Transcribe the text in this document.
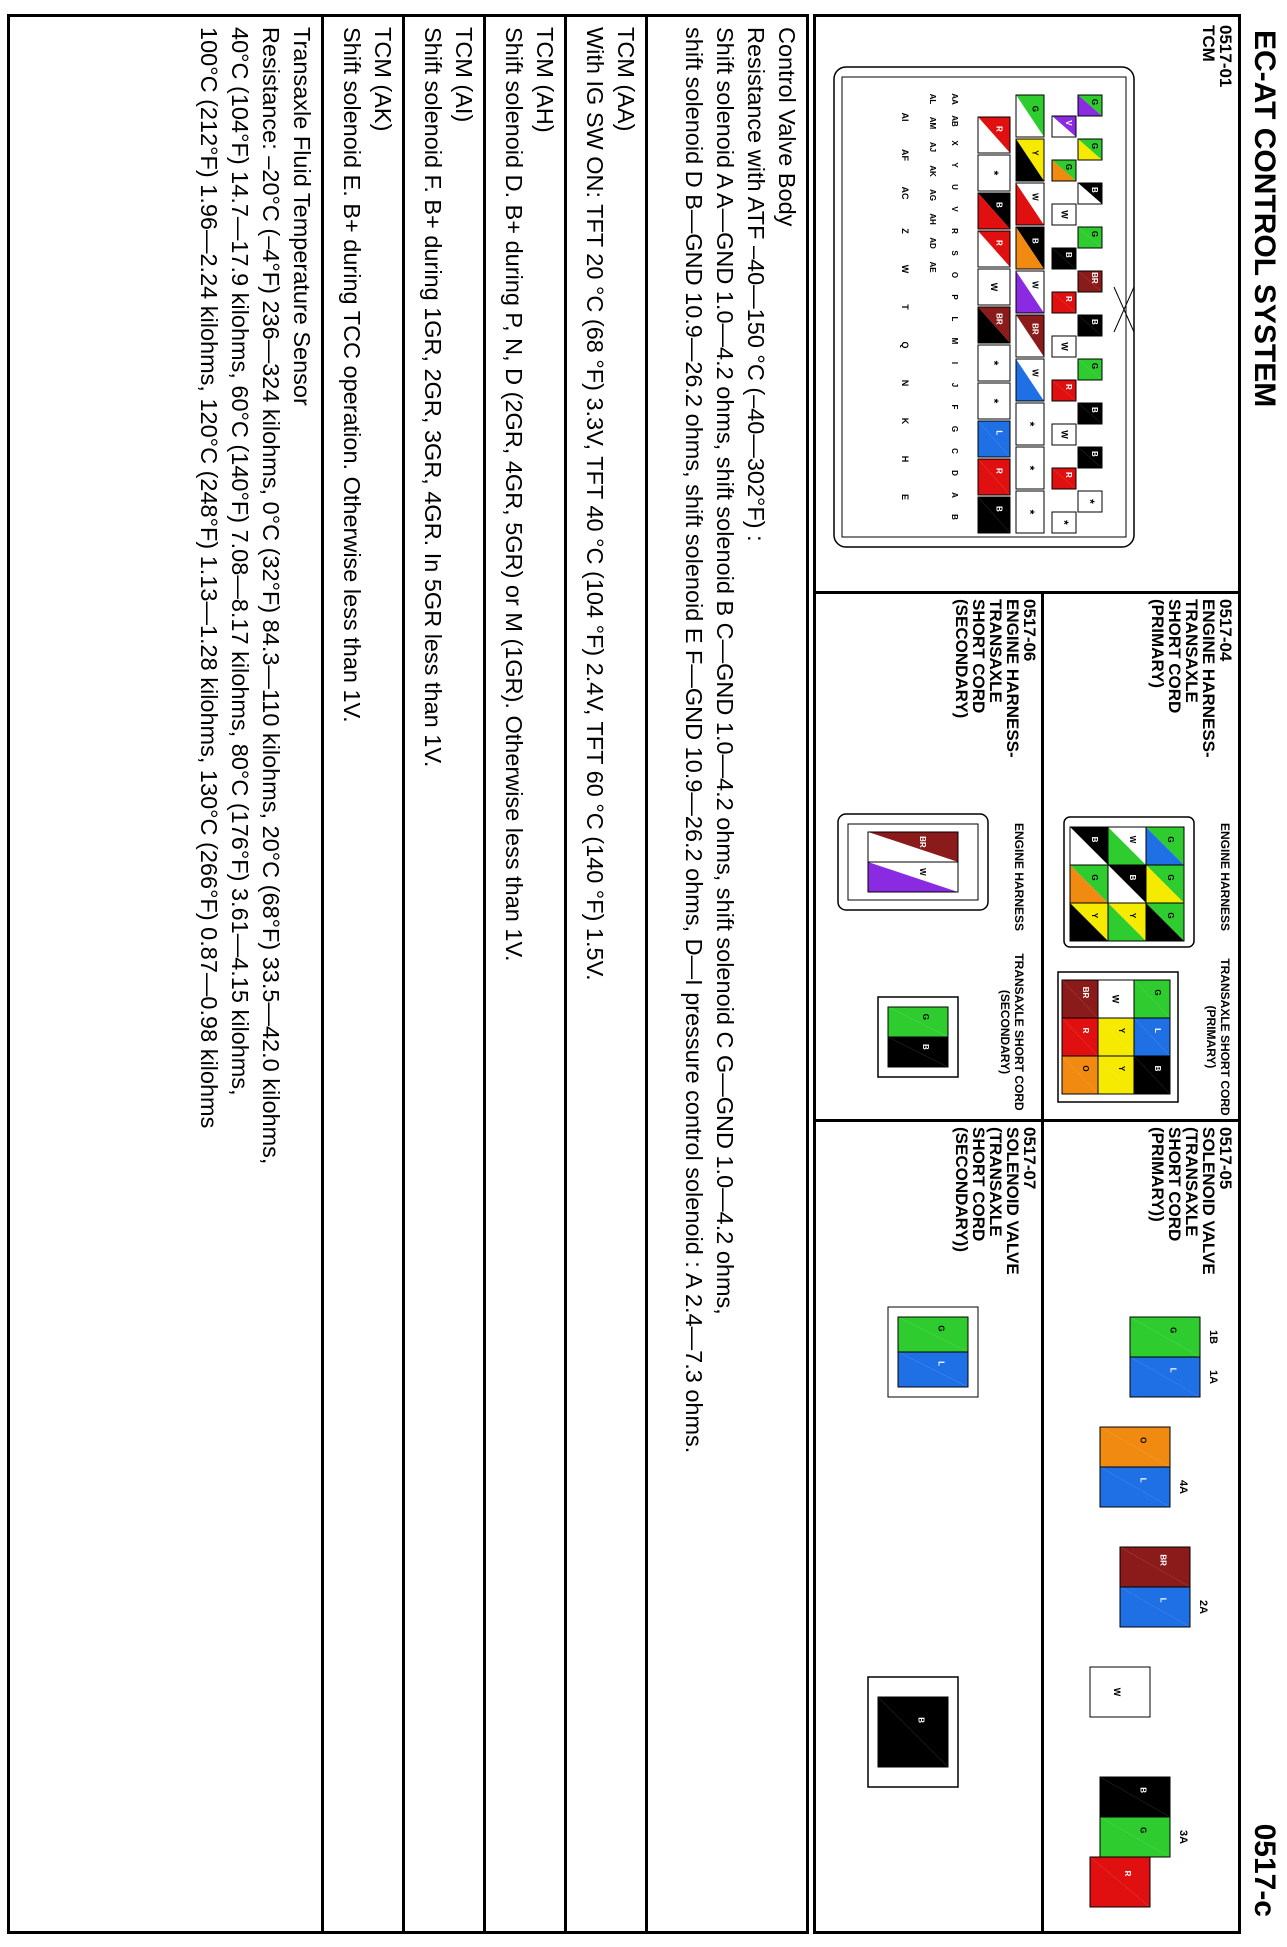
EC-AT CONTROL SYSTEM
0517-c
0517-01
TCM
0517-04
ENGINE HARNESS-
TRANSAXLE
SHORT CORD
(PRIMARY)
0517-06
ENGINE HARNESS-
TRANSAXLE
SHORT CORD
(SECONDARY)
0517-05
SOLENOID VALVE
(TRANSAXLE
SHORT CORD
(PRIMARY))
0517-07
SOLENOID VALVE
(TRANSAXLE
SHORT CORD
(SECONDARY))
G
V
G
G
B
W
G
B
BR
R
B
W
G
R
B
W
B
R
*
*
G
Y
W
B
W
BR
W
*
*
*
R
*
B
R
W
BR
*
*
L
R
B
AA
AB
X
Y
U
V
R
S
O
P
L
M
I
J
F
G
C
D
A
B
AL
AM
AJ
AK
AG
AH
AD
AE
AI
AF
AC
Z
W
T
Q
N
K
H
E
ENGINE HARNESS
G
G
G
W
B
Y
B
G
Y
TRANSAXLE SHORT CORD
(PRIMARY)
G
L
B
W
Y
Y
BR
R
O
ENGINE HARNESS
BR
W
TRANSAXLE SHORT CORD
(SECONDARY)
G
B
G
L
1B
1A
O
L	4A
BR
L	2A
W
B
G	3A
R
G
L
B
Control Valve Body
Resistance with ATF –40—150 °C (–40—302°F) :
Shift solenoid A A—GND 1.0—4.2 ohms, shift solenoid B C—GND 1.0—4.2 ohms, shift solenoid C G—GND 1.0—4.2 ohms,
shift solenoid D B—GND 10.9—26.2 ohms, shift solenoid E F—GND 10.9—26.2 ohms, D—I pressure control solenoid : A 2.4—7.3 ohms.
TCM (AA)
With IG SW ON: TFT 20 °C (68 °F) 3.3V, TFT 40 °C (104 °F) 2.4V, TFT 60 °C (140 °F) 1.5V.
TCM (AH)
Shift solenoid D. B+ during P, N, D (2GR, 4GR, 5GR) or M (1GR). Otherwise less than 1V.
TCM (AI)
Shift solenoid F. B+ during 1GR, 2GR, 3GR, 4GR. In 5GR less than 1V.
TCM (AK)
Shift solenoid E. B+ during TCC operation. Otherwise less than 1V.
Transaxle Fluid Temperature Sensor
Resistance: –20°C (–4°F) 236—324 kilohms, 0°C (32°F) 84.3—110 kilohms, 20°C (68°F) 33.5—42.0 kilohms,
40°C (104°F) 14.7—17.9 kilohms, 60°C (140°F) 7.08—8.17 kilohms, 80°C (176°F) 3.61—4.15 kilohms,
100°C (212°F) 1.96—2.24 kilohms, 120°C (248°F) 1.13—1.28 kilohms, 130°C (266°F) 0.87—0.98 kilohms
